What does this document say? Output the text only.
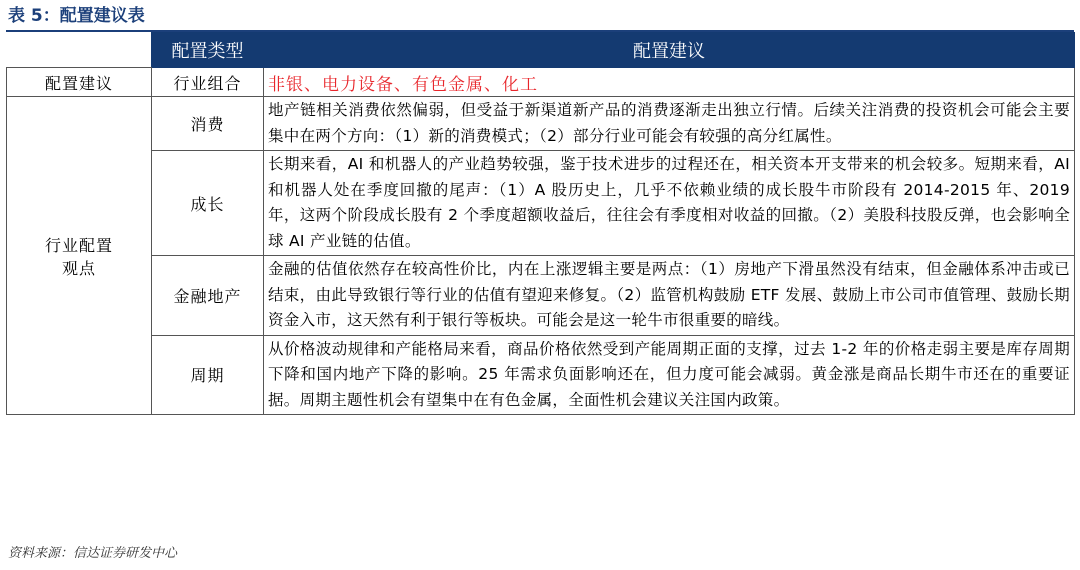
表 5：配置建议表
	配置类型	配置建议
配置建议	行业组合	非银、电力设备、有色金属、化工
行业配置
观点	消费	地产链相关消费依然偏弱，但受益于新渠道新产品的消费逐渐走出独立行情。后续关注消费的投资机会可能会主要集中在两个方向：（1）新的消费模式；（2）部分行业可能会有较强的高分红属性。
	成长	长期来看，AI 和机器人的产业趋势较强，鉴于技术进步的过程还在，相关资本开支带来的机会较多。短期来看，AI 和机器人处在季度回撤的尾声：（1）A 股历史上，几乎不依赖业绩的成长股牛市阶段有 2014-2015 年、2019 年，这两个阶段成长股有 2 个季度超额收益后，往往会有季度相对收益的回撤。（2）美股科技股反弹，也会影响全球 AI 产业链的估值。
	金融地产	金融的估值依然存在较高性价比，内在上涨逻辑主要是两点：（1）房地产下滑虽然没有结束，但金融体系冲击或已结束，由此导致银行等行业的估值有望迎来修复。（2）监管机构鼓励 ETF 发展、鼓励上市公司市值管理、鼓励长期资金入市，这天然有利于银行等板块。可能会是这一轮牛市很重要的暗线。
	周期	从价格波动规律和产能格局来看，商品价格依然受到产能周期正面的支撑，过去 1-2 年的价格走弱主要是库存周期下降和国内地产下降的影响。25 年需求负面影响还在，但力度可能会减弱。黄金涨是商品长期牛市还在的重要证据。周期主题性机会有望集中在有色金属，全面性机会建议关注国内政策。
资料来源：信达证券研发中心
